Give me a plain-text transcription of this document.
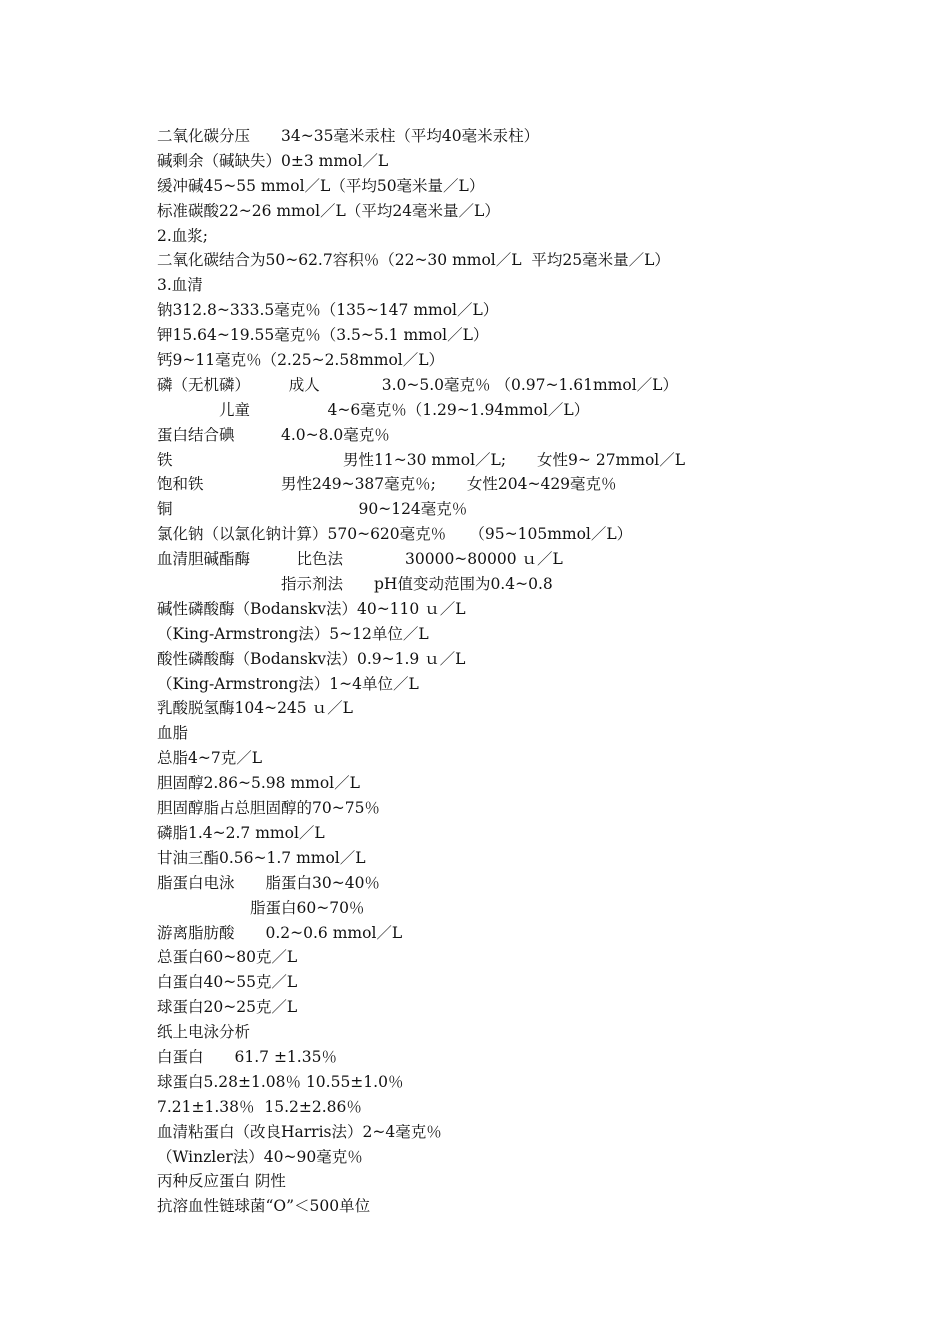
二氧化碳分压　　34~35毫米汞柱（平均40毫米汞柱）

碱剩余（碱缺失）0±3 mmol／L

缓冲碱45~55 mmol／L（平均50毫米量／L）

标准碳酸22~26 mmol／L（平均24毫米量／L）

2.血浆;

二氧化碳结合为50~62.7容积％（22~30 mmol／L  平均25毫米量／L）

3.血清

钠312.8~333.5毫克％（135~147 mmol／L）

钾15.64~19.55毫克％（3.5~5.1 mmol／L）

钙9~11毫克％（2.25~2.58mmol／L）

磷（无机磷）　　　成人　　　　3.0~5.0毫克％ （0.97~1.61mmol／L）

　　　　儿童　　　　　4~6毫克％（1.29~1.94mmol／L）

蛋白结合碘　　　4.0~8.0毫克％

铁　　　　　　　　　　　男性11~30 mmol／L;　　女性9~ 27mmol／L

饱和铁　　　　　男性249~387毫克％;　　女性204~429毫克％

铜　　　　　　　　　　　　90~124毫克％

氯化钠（以氯化钠计算）570~620毫克％　　（95~105mmol／L）

血清胆碱酯酶　　　比色法　　　　30000~80000 ｕ／L

　　　　　　　　指示剂法　　pH值变动范围为0.4~0.8

碱性磷酸酶（Bodanskv法）40~110 ｕ／L

（King-Armstrong法）5~12单位／L

酸性磷酸酶（Bodanskv法）0.9~1.9 ｕ／L

（King-Armstrong法）1~4单位／L

乳酸脱氢酶104~245 ｕ／L

血脂

总脂4~7克／L

胆固醇2.86~5.98 mmol／L

胆固醇脂占总胆固醇的70~75％

磷脂1.4~2.7 mmol／L

甘油三酯0.56~1.7 mmol／L

脂蛋白电泳　　脂蛋白30~40％

　　　　　　脂蛋白60~70％

游离脂肪酸　　0.2~0.6 mmol／L

总蛋白60~80克／L

白蛋白40~55克／L

球蛋白20~25克／L

纸上电泳分析

白蛋白　　61.7 ±1.35％

球蛋白5.28±1.08％ 10.55±1.0％

7.21±1.38％  15.2±2.86％

血清粘蛋白（改良Harris法）2~4毫克％

（Winzler法）40~90毫克％

丙种反应蛋白 阴性

抗溶血性链球菌“O”＜500单位
